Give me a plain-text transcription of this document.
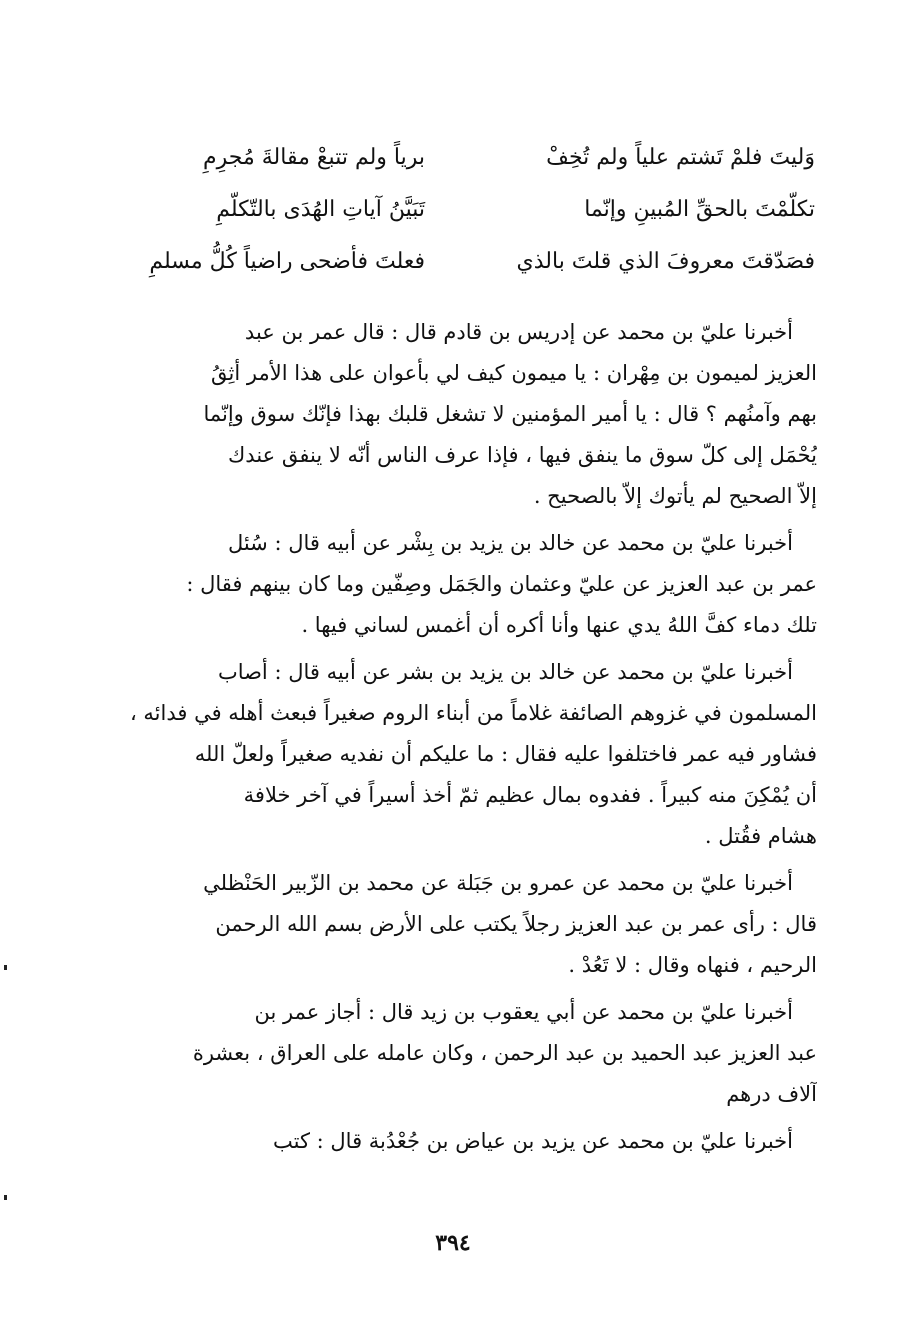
وَليتَ فلمْ تَشتم علياً ولم تُخِفْ
برياً ولم تتبعْ مقالةَ مُجرِمِ
تكلّمْتَ بالحقِّ المُبينِ وإنّما
تَبَيَّنُ آياتِ الهُدَى بالتّكلّمِ
فصَدّقتَ معروفَ الذي قلتَ بالذي
فعلتَ فأضحى راضياً كُلُّ مسلمِ

أخبرنا عليّ بن محمد عن إدريس بن قادم قال : قال عمر بن عبد
العزيز لميمون بن مِهْران : يا ميمون كيف لي بأعوان على هذا الأمر أثِقُ
بهم وآمنُهم ؟ قال : يا أمير المؤمنين لا تشغل قلبك بهذا فإنّك سوق وإنّما
يُحْمَل إلى كلّ سوق ما ينفق فيها ، فإذا عرف الناس أنّه لا ينفق عندك
إلاّ الصحيح لم يأتوك إلاّ بالصحيح .

أخبرنا عليّ بن محمد عن خالد بن يزيد بن بِشْر عن أبيه قال : سُئل
عمر بن عبد العزيز عن عليّ وعثمان والجَمَل وصِفّين وما كان بينهم فقال :
تلك دماء كفَّ اللهُ يدي عنها وأنا أكره أن أغمس لساني فيها .

أخبرنا عليّ بن محمد عن خالد بن يزيد بن بشر عن أبيه قال : أصاب
المسلمون في غزوهم الصائفة غلاماً من أبناء الروم صغيراً فبعث أهله في فدائه ،
فشاور فيه عمر فاختلفوا عليه فقال : ما عليكم أن نفديه صغيراً ولعلّ الله
أن يُمْكِنَ منه كبيراً . ففدوه بمال عظيم ثمّ أخذ أسيراً في آخر خلافة
هشام فقُتل .

أخبرنا عليّ بن محمد عن عمرو بن جَبَلة عن محمد بن الزّبير الحَنْظلي
قال : رأى عمر بن عبد العزيز رجلاً يكتب على الأرض بسم الله الرحمن
الرحيم ، فنهاه وقال : لا تَعُدْ .

أخبرنا عليّ بن محمد عن أبي يعقوب بن زيد قال : أجاز عمر بن
عبد العزيز عبد الحميد بن عبد الرحمن ، وكان عامله على العراق ، بعشرة
آلاف درهم

أخبرنا عليّ بن محمد عن يزيد بن عياض بن جُعْدُبة قال : كتب

٣٩٤
